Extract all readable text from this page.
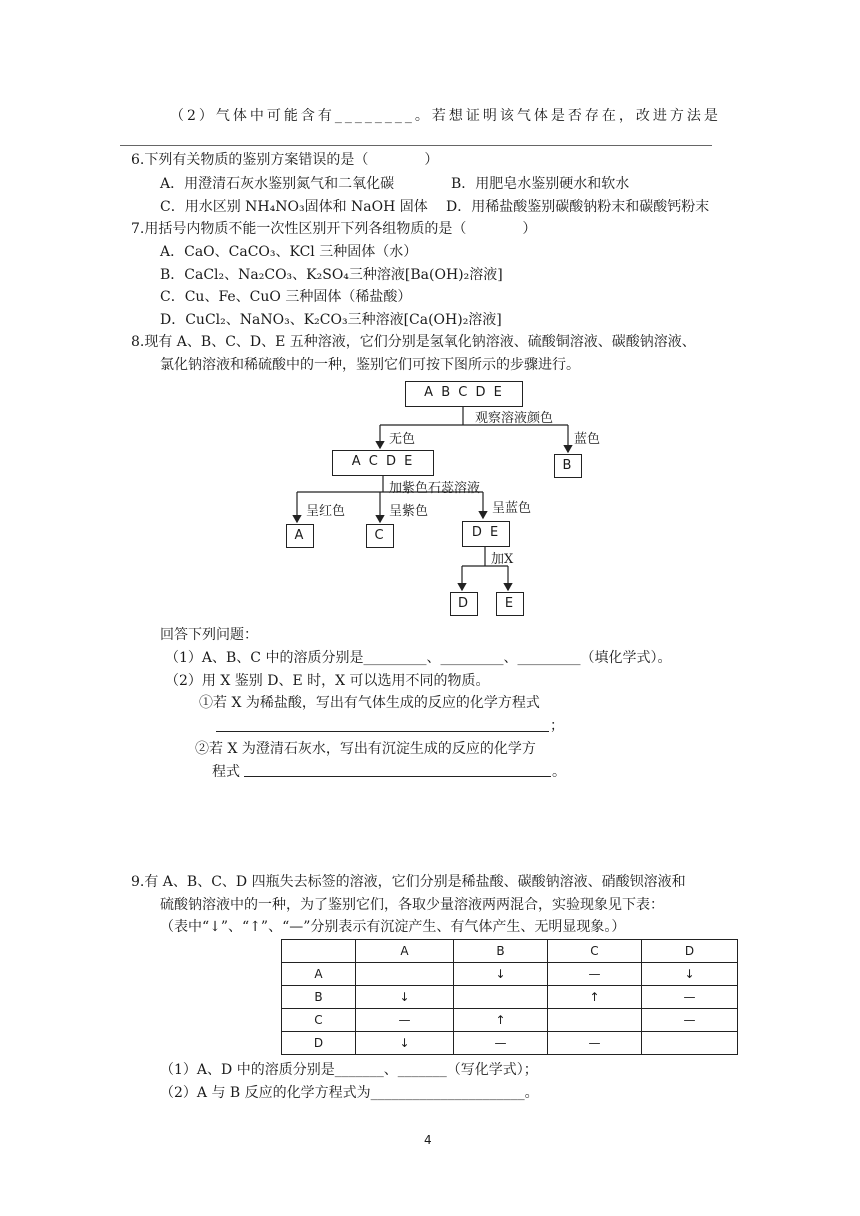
（2）气体中可能含有________。若想证明该气体是否存在，改进方法是
6.下列有关物质的鉴别方案错误的是（　　　　）
A．用澄清石灰水鉴别氮气和二氧化碳	B．用肥皂水鉴别硬水和软水
C．用水区别 NH₄NO₃固体和 NaOH 固体 D．用稀盐酸鉴别碳酸钠粉末和碳酸钙粉末
7.用括号内物质不能一次性区别开下列各组物质的是（　　　　）
A．CaO、CaCO₃、KCl 三种固体（水）
B．CaCl₂、Na₂CO₃、K₂SO₄三种溶液[Ba(OH)₂溶液]
C．Cu、Fe、CuO 三种固体（稀盐酸）
D．CuCl₂、NaNO₃、K₂CO₃三种溶液[Ca(OH)₂溶液]
8.现有 A、B、C、D、E 五种溶液，它们分别是氢氧化钠溶液、硫酸铜溶液、碳酸钠溶液、
氯化钠溶液和稀硫酸中的一种，鉴别它们可按下图所示的步骤进行。
A B C D E
观察溶液颜色
无色	蓝色
A C D E	B
加紫色石蕊溶液
呈红色	呈紫色	呈蓝色
A	C	D E
加X
D	E
回答下列问题：
（1）A、B、C 中的溶质分别是_________、_________、_________（填化学式）。
（2）用 X 鉴别 D、E 时，X 可以选用不同的物质。
①若 X 为稀盐酸，写出有气体生成的反应的化学方程式
；
②若 X 为澄清石灰水，写出有沉淀生成的反应的化学方
程式	。
9.有 A、B、C、D 四瓶失去标签的溶液，它们分别是稀盐酸、碳酸钠溶液、硝酸钡溶液和
硫酸钠溶液中的一种，为了鉴别它们，各取少量溶液两两混合，实验现象见下表：
（表中“↓”、“↑”、“—”分别表示有沉淀产生、有气体产生、无明显现象。）
	A	B	C	D
A		↓	—	↓
B	↓		↑	—
C	—	↑		—
D	↓	—	—	
（1）A、D 中的溶质分别是_______、_______（写化学式）；
（2）A 与 B 反应的化学方程式为______________________。
4
